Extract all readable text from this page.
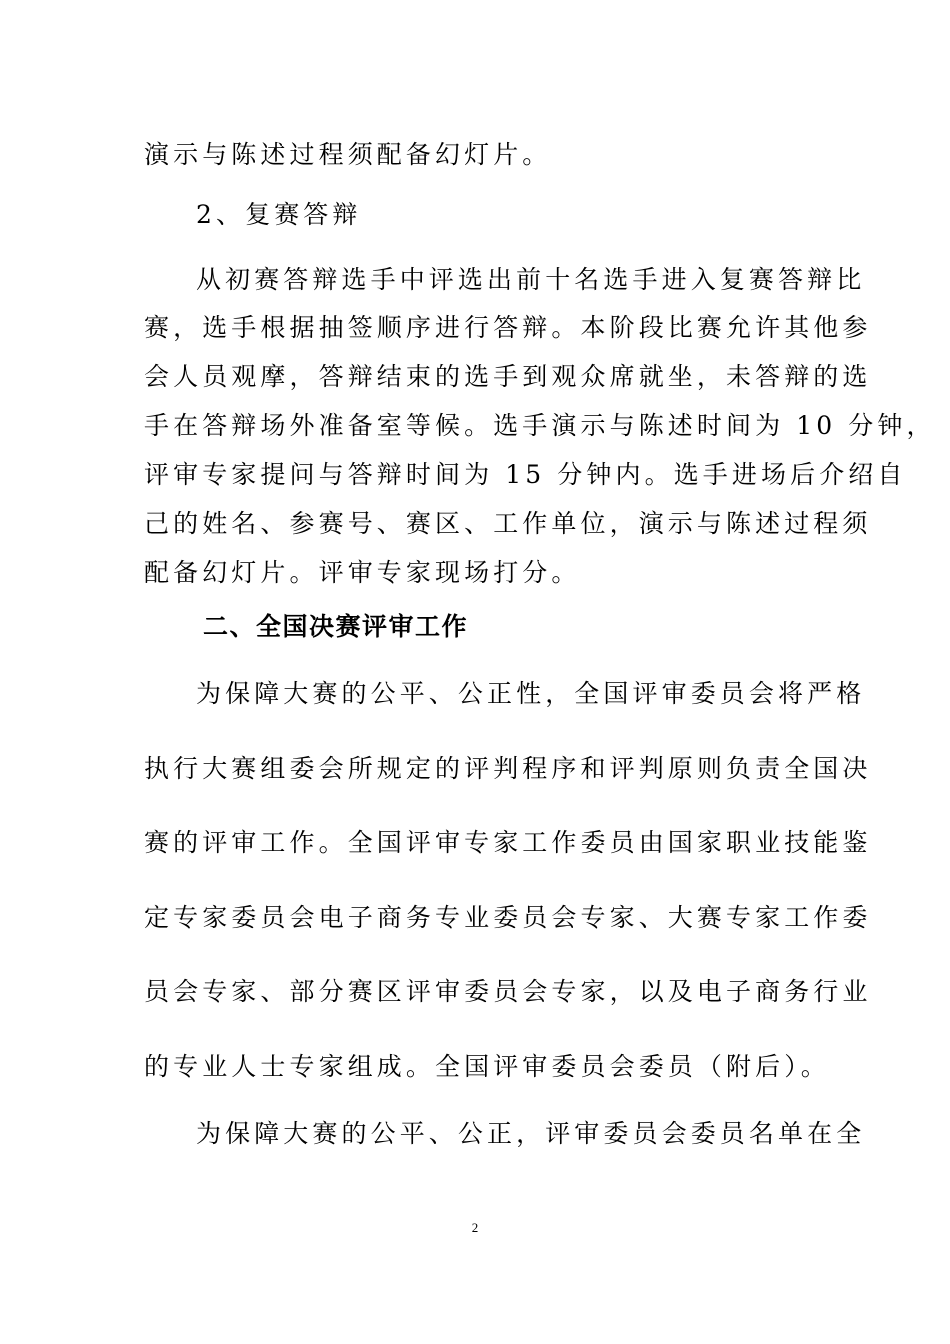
演示与陈述过程须配备幻灯片。
2、复赛答辩
从初赛答辩选手中评选出前十名选手进入复赛答辩比
赛，选手根据抽签顺序进行答辩。本阶段比赛允许其他参
会人员观摩，答辩结束的选手到观众席就坐，未答辩的选
手在答辩场外准备室等候。选手演示与陈述时间为 10 分钟，
评审专家提问与答辩时间为 15 分钟内。选手进场后介绍自
己的姓名、参赛号、赛区、工作单位，演示与陈述过程须
配备幻灯片。评审专家现场打分。
二、全国决赛评审工作
为保障大赛的公平、公正性，全国评审委员会将严格
执行大赛组委会所规定的评判程序和评判原则负责全国决
赛的评审工作。全国评审专家工作委员由国家职业技能鉴
定专家委员会电子商务专业委员会专家、大赛专家工作委
员会专家、部分赛区评审委员会专家，以及电子商务行业
的专业人士专家组成。全国评审委员会委员（附后）。
为保障大赛的公平、公正，评审委员会委员名单在全
2
